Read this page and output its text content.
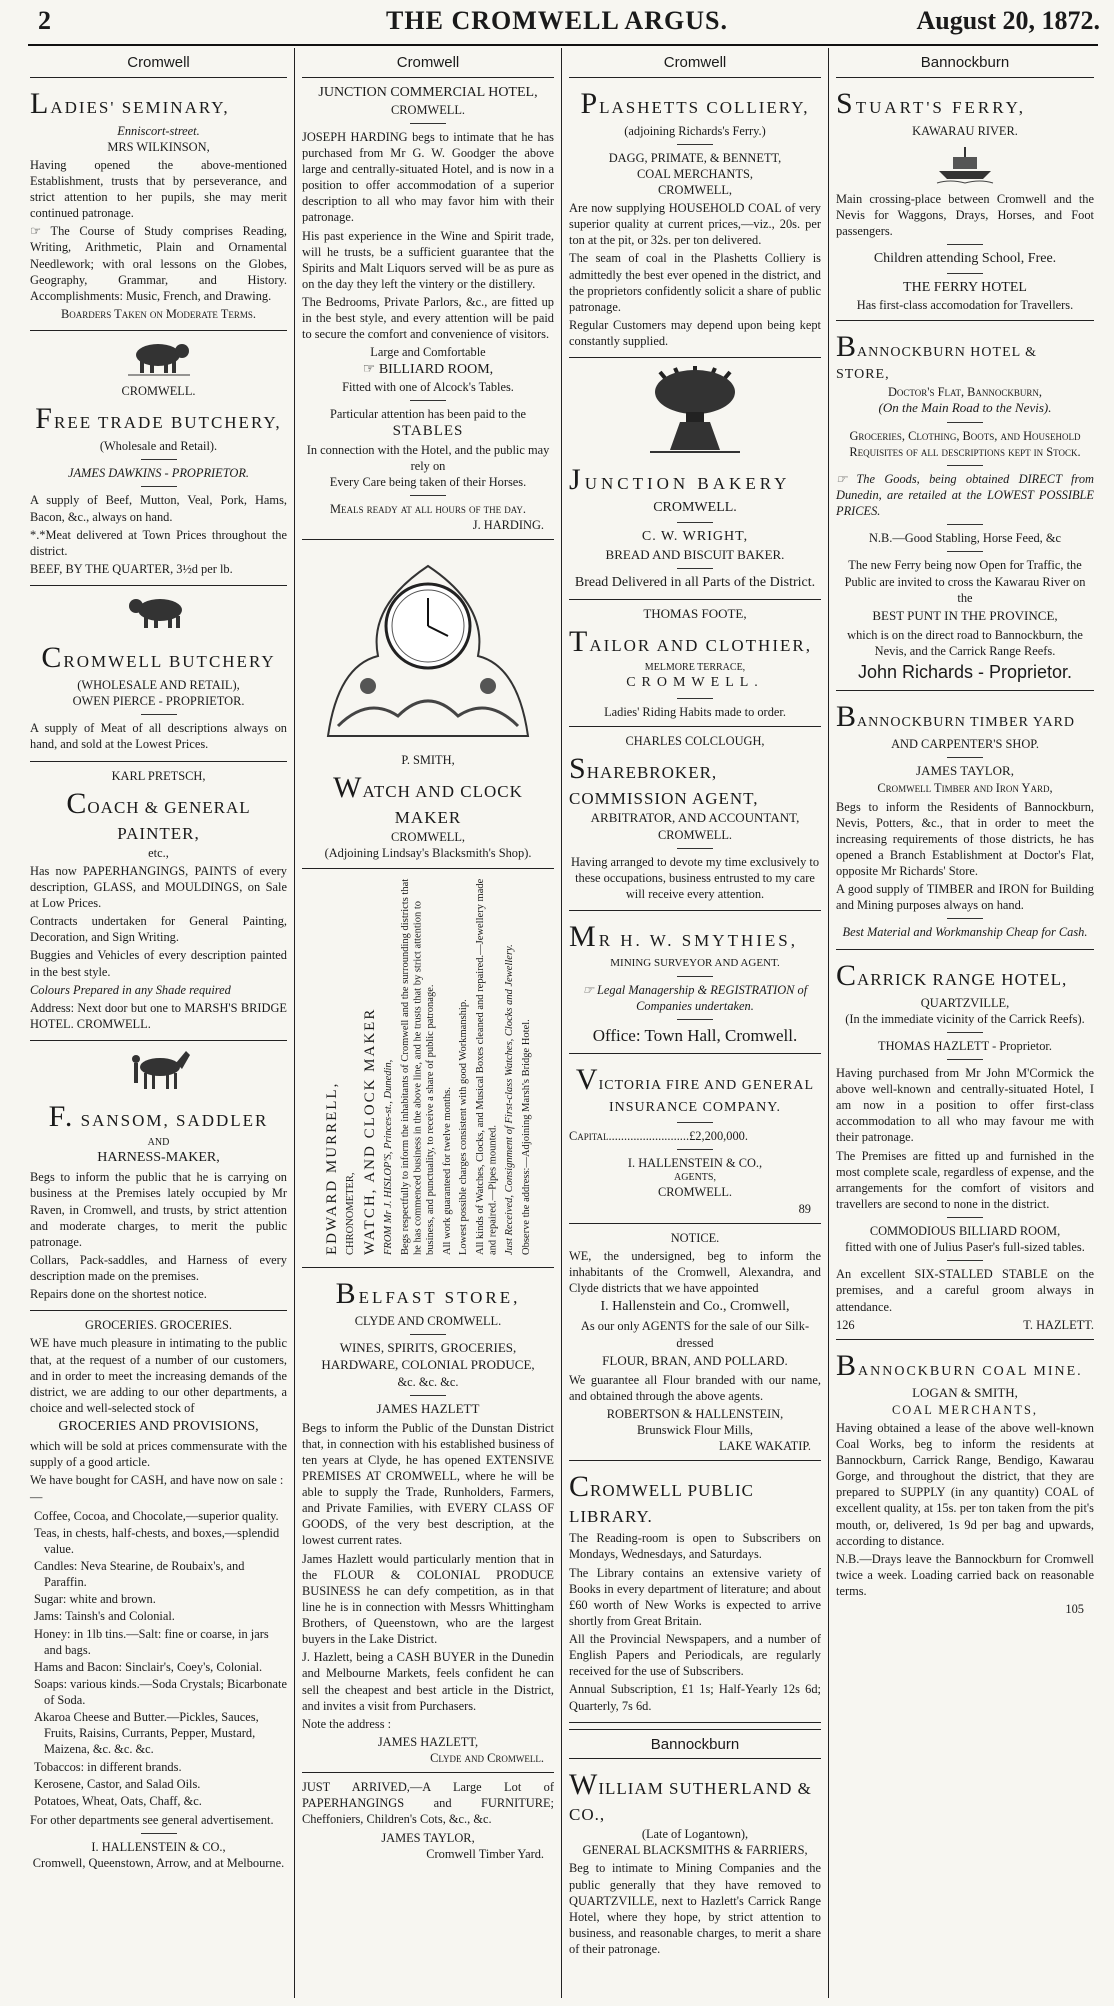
2	THE CROMWELL ARGUS.	August 20, 1872.
Cromwell
LADIES' SEMINARY,
Enniscort-street.
MRS WILKINSON,

Having opened the above-mentioned Establishment, trusts that by perseverance, and strict attention to her pupils, she may merit continued patronage.

☞ The Course of Study comprises Reading, Writing, Arithmetic, Plain and Ornamental Needlework; with oral lessons on the Globes, Geography, Grammar, and History. Accomplishments: Music, French, and Drawing.

Boarders Taken on Moderate Terms.

CROMWELL.
FREE TRADE BUTCHERY,
(Wholesale and Retail).
JAMES DAWKINS - PROPRIETOR.

A supply of Beef, Mutton, Veal, Pork, Hams, Bacon, &c., always on hand.

*.*Meat delivered at Town Prices throughout the district.

BEEF, BY THE QUARTER, 3½d per lb.

CROMWELL BUTCHERY
(WHOLESALE AND RETAIL),
OWEN PIERCE - PROPRIETOR.

A supply of Meat of all descriptions always on hand, and sold at the Lowest Prices.

KARL PRETSCH,
COACH & GENERAL PAINTER,
etc.,

Has now PAPERHANGINGS, PAINTS of every description, GLASS, and MOULDINGS, on Sale at Low Prices.

Contracts undertaken for General Painting, Decoration, and Sign Writing.

Buggies and Vehicles of every description painted in the best style.

Colours Prepared in any Shade required

Address: Next door but one to MARSH'S BRIDGE HOTEL. CROMWELL.

F. SANSOM, SADDLER
AND
HARNESS-MAKER,

Begs to inform the public that he is carrying on business at the Premises lately occupied by Mr Raven, in Cromwell, and trusts, by strict attention and moderate charges, to merit the public patronage.

Collars, Pack-saddles, and Harness of every description made on the premises.

Repairs done on the shortest notice.

GROCERIES. GROCERIES.

WE have much pleasure in intimating to the public that, at the request of a number of our customers, and in order to meet the increasing demands of the district, we are adding to our other departments, a choice and well-selected stock of

GROCERIES AND PROVISIONS,

which will be sold at prices commensurate with the supply of a good article.

We have bought for CASH, and have now on sale :—

Coffee, Cocoa, and Chocolate,—superior quality.
Teas, in chests, half-chests, and boxes,—splendid value.
Candles: Neva Stearine, de Roubaix's, and Paraffin.
Sugar: white and brown.
Jams: Tainsh's and Colonial.
Honey: in 1lb tins.—Salt: fine or coarse, in jars and bags.
Hams and Bacon: Sinclair's, Coey's, Colonial.
Soaps: various kinds.—Soda Crystals; Bicarbonate of Soda.
Akaroa Cheese and Butter.—Pickles, Sauces, Fruits, Raisins, Currants, Pepper, Mustard, Maizena, &c. &c. &c.
Tobaccos: in different brands.
Kerosene, Castor, and Salad Oils.
Potatoes, Wheat, Oats, Chaff, &c.

For other departments see general advertisement.

I. HALLENSTEIN & CO.,
Cromwell, Queenstown, Arrow, and at Melbourne.
Cromwell
JUNCTION COMMERCIAL HOTEL,
CROMWELL.

JOSEPH HARDING begs to intimate that he has purchased from Mr G. W. Goodger the above large and centrally-situated Hotel, and is now in a position to offer accommodation of a superior description to all who may favor him with their patronage.

His past experience in the Wine and Spirit trade, will he trusts, be a sufficient guarantee that the Spirits and Malt Liquors served will be as pure as on the day they left the vintery or the distillery.

The Bedrooms, Private Parlors, &c., are fitted up in the best style, and every attention will be paid to secure the comfort and convenience of visitors.

Large and Comfortable
☞ BILLIARD ROOM,
Fitted with one of Alcock's Tables.
Particular attention has been paid to the
STABLES
In connection with the Hotel, and the public may rely on
Every Care being taken of their Horses.
Meals ready at all hours of the day.
J. HARDING.
P. SMITH,
WATCH AND CLOCK MAKER
CROMWELL,
(Adjoining Lindsay's Blacksmith's Shop).
EDWARD MURRELL, CHRONOMETER, WATCH, AND CLOCK MAKER FROM Mr J. HISLOP'S, Princes-st., Dunedin, Begs respectfully to inform the inhabitants of Cromwell and the surrounding districts that he has commenced business in the above line, and he trusts that by strict attention to business, and punctuality, to receive a share of public patronage. All work guaranteed for twelve months. Lowest possible charges consistent with good Workmanship. All kinds of Watches, Clocks, and Musical Boxes cleaned and repaired.—Jewellery made and repaired.—Pipes mounted. Just Received, Consignment of First-class Watches, Clocks and Jewellery. Observe the address:—Adjoining Marsh's Bridge Hotel.
BELFAST STORE,
CLYDE AND CROMWELL.
WINES, SPIRITS, GROCERIES, HARDWARE, COLONIAL PRODUCE,
&c. &c. &c.
JAMES HAZLETT

Begs to inform the Public of the Dunstan District that, in connection with his established business of ten years at Clyde, he has opened EXTENSIVE PREMISES AT CROMWELL, where he will be able to supply the Trade, Runholders, Farmers, and Private Families, with EVERY CLASS OF GOODS, of the very best description, at the lowest current rates.

James Hazlett would particularly mention that in the FLOUR & COLONIAL PRODUCE BUSINESS he can defy competition, as in that line he is in connection with Messrs Whittingham Brothers, of Queenstown, who are the largest buyers in the Lake District.

J. Hazlett, being a CASH BUYER in the Dunedin and Melbourne Markets, feels confident he can sell the cheapest and best article in the District, and invites a visit from Purchasers.

Note the address :

JAMES HAZLETT,
Clyde and Cromwell.

JUST ARRIVED,—A Large Lot of PAPERHANGINGS and FURNITURE; Cheffoniers, Children's Cots, &c., &c.

JAMES TAYLOR,
Cromwell Timber Yard.
Cromwell
PLASHETTS COLLIERY,
(adjoining Richards's Ferry.)
DAGG, PRIMATE, & BENNETT,
COAL MERCHANTS,
CROMWELL,

Are now supplying HOUSEHOLD COAL of very superior quality at current prices,—viz., 20s. per ton at the pit, or 32s. per ton delivered.

The seam of coal in the Plashetts Colliery is admittedly the best ever opened in the district, and the proprietors confidently solicit a share of public patronage.

Regular Customers may depend upon being kept constantly supplied.

JUNCTION BAKERY
CROMWELL.
C. W. WRIGHT,
BREAD AND BISCUIT BAKER.
Bread Delivered in all Parts of the District.
THOMAS FOOTE,
TAILOR AND CLOTHIER,
MELMORE TERRACE,
CROMWELL.
Ladies' Riding Habits made to order.
CHARLES COLCLOUGH,
SHAREBROKER, COMMISSION AGENT,
ARBITRATOR, AND ACCOUNTANT,
CROMWELL.

Having arranged to devote my time exclusively to these occupations, business entrusted to my care will receive every attention.

MR H. W. SMYTHIES,
MINING SURVEYOR AND AGENT.

☞ Legal Managership & REGISTRATION of Companies undertaken.

Office: Town Hall, Cromwell.
VICTORIA FIRE AND GENERAL INSURANCE COMPANY.

Capital..........................£2,200,000.

I. HALLENSTEIN & CO.,
AGENTS,
CROMWELL.
89
NOTICE.

WE, the undersigned, beg to inform the inhabitants of the Cromwell, Alexandra, and Clyde districts that we have appointed

I. Hallenstein and Co., Cromwell,

As our only AGENTS for the sale of our Silk-dressed

FLOUR, BRAN, AND POLLARD.

We guarantee all Flour branded with our name, and obtained through the above agents.

ROBERTSON & HALLENSTEIN,
Brunswick Flour Mills,
LAKE WAKATIP.
CROMWELL PUBLIC LIBRARY.

The Reading-room is open to Subscribers on Mondays, Wednesdays, and Saturdays.

The Library contains an extensive variety of Books in every department of literature; and about £60 worth of New Works is expected to arrive shortly from Great Britain.

All the Provincial Newspapers, and a number of English Papers and Periodicals, are regularly received for the use of Subscribers.

Annual Subscription, £1 1s; Half-Yearly 12s 6d; Quarterly, 7s 6d.

Bannockburn
WILLIAM SUTHERLAND & CO.,
(Late of Logantown),
GENERAL BLACKSMITHS & FARRIERS,

Beg to intimate to Mining Companies and the public generally that they have removed to QUARTZVILLE, next to Hazlett's Carrick Range Hotel, where they hope, by strict attention to business, and reasonable charges, to merit a share of their patronage.

Bannockburn
STUART'S FERRY,
KAWARAU RIVER.

Main crossing-place between Cromwell and the Nevis for Waggons, Drays, Horses, and Foot passengers.

Children attending School, Free.
THE FERRY HOTEL
Has first-class accomodation for Travellers.
BANNOCKBURN HOTEL & STORE,
Doctor's Flat, Bannockburn,
(On the Main Road to the Nevis).

Groceries, Clothing, Boots, and Household Requisites of all descriptions kept in Stock.

☞ The Goods, being obtained DIRECT from Dunedin, are retailed at the LOWEST POSSIBLE PRICES.

N.B.—Good Stabling, Horse Feed, &c

The new Ferry being now Open for Traffic, the Public are invited to cross the Kawarau River on the

BEST PUNT IN THE PROVINCE,

which is on the direct road to Bannockburn, the Nevis, and the Carrick Range Reefs.

John Richards - Proprietor.
BANNOCKBURN TIMBER YARD
AND CARPENTER'S SHOP.
JAMES TAYLOR,
Cromwell Timber and Iron Yard,

Begs to inform the Residents of Bannockburn, Nevis, Potters, &c., that in order to meet the increasing requirements of those districts, he has opened a Branch Establishment at Doctor's Flat, opposite Mr Richards' Store.

A good supply of TIMBER and IRON for Building and Mining purposes always on hand.

Best Material and Workmanship Cheap for Cash.

CARRICK RANGE HOTEL,
QUARTZVILLE,
(In the immediate vicinity of the Carrick Reefs).
THOMAS HAZLETT - Proprietor.

Having purchased from Mr John M'Cormick the above well-known and centrally-situated Hotel, I am now in a position to offer first-class accommodation to all who may favour me with their patronage.

The Premises are fitted up and furnished in the most complete scale, regardless of expense, and the arrangements for the comfort of visitors and travellers are second to none in the district.

COMMODIOUS BILLIARD ROOM,
fitted with one of Julius Paser's full-sized tables.

An excellent SIX-STALLED STABLE on the premises, and a careful groom always in attendance.

126	T. HAZLETT.
BANNOCKBURN COAL MINE.
LOGAN & SMITH,
COAL MERCHANTS,

Having obtained a lease of the above well-known Coal Works, beg to inform the residents at Bannockburn, Carrick Range, Bendigo, Kawarau Gorge, and throughout the district, that they are prepared to SUPPLY (in any quantity) COAL of excellent quality, at 15s. per ton taken from the pit's mouth, or, delivered, 1s 9d per bag and upwards, according to distance.

N.B.—Drays leave the Bannockburn for Cromwell twice a week. Loading carried back on reasonable terms.

105
